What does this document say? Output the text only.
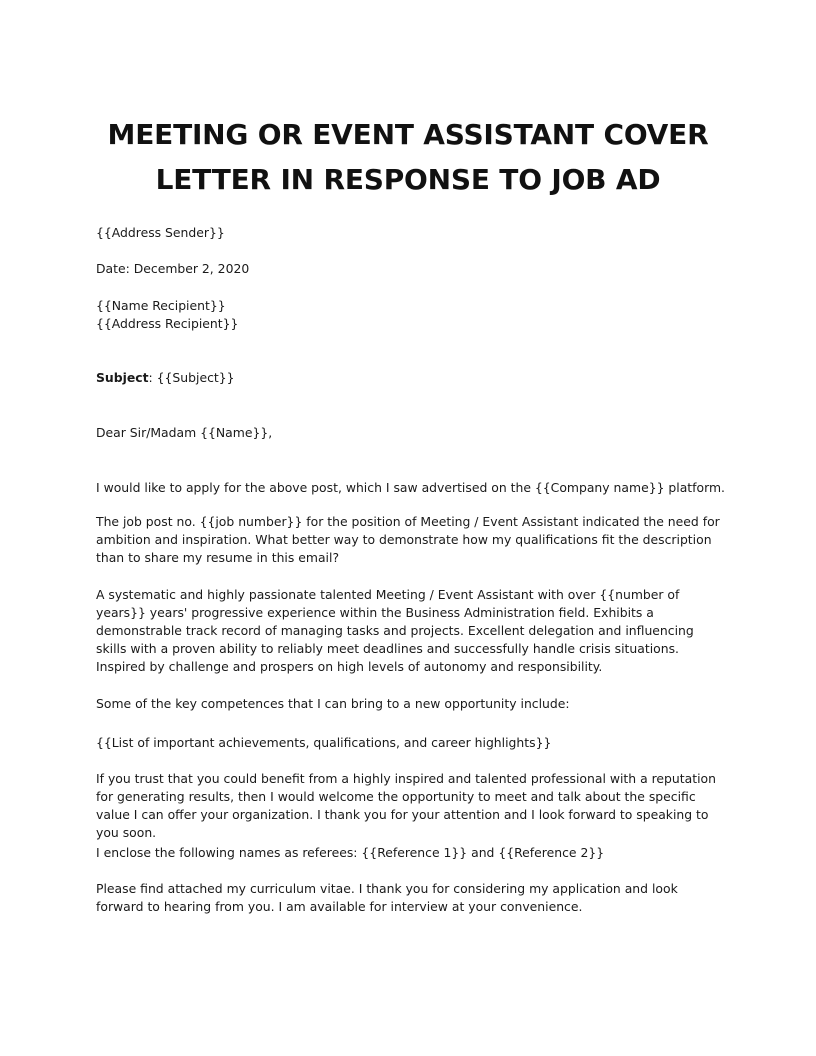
MEETING OR EVENT ASSISTANT COVER
LETTER IN RESPONSE TO JOB AD

{{Address Sender}}

Date: December 2, 2020

{{Name Recipient}}

{{Address Recipient}}

Subject: {{Subject}}

Dear Sir/Madam {{Name}},

I would like to apply for the above post, which I saw advertised on the {{Company name}} platform.

The job post no. {{job number}} for the position of Meeting / Event Assistant indicated the need for ambition and inspiration. What better way to demonstrate how my qualifications fit the description than to share my resume in this email?

A systematic and highly passionate talented Meeting / Event Assistant with over {{number of years}} years' progressive experience within the Business Administration field. Exhibits a demonstrable track record of managing tasks and projects. Excellent delegation and influencing skills with a proven ability to reliably meet deadlines and successfully handle crisis situations. Inspired by challenge and prospers on high levels of autonomy and responsibility.

Some of the key competences that I can bring to a new opportunity include:

{{List of important achievements, qualifications, and career highlights}}

If you trust that you could benefit from a highly inspired and talented professional with a reputation for generating results, then I would welcome the opportunity to meet and talk about the specific value I can offer your organization. I thank you for your attention and I look forward to speaking to you soon.

I enclose the following names as referees: {{Reference 1}} and {{Reference 2}}

Please find attached my curriculum vitae. I thank you for considering my application and look forward to hearing from you. I am available for interview at your convenience.
